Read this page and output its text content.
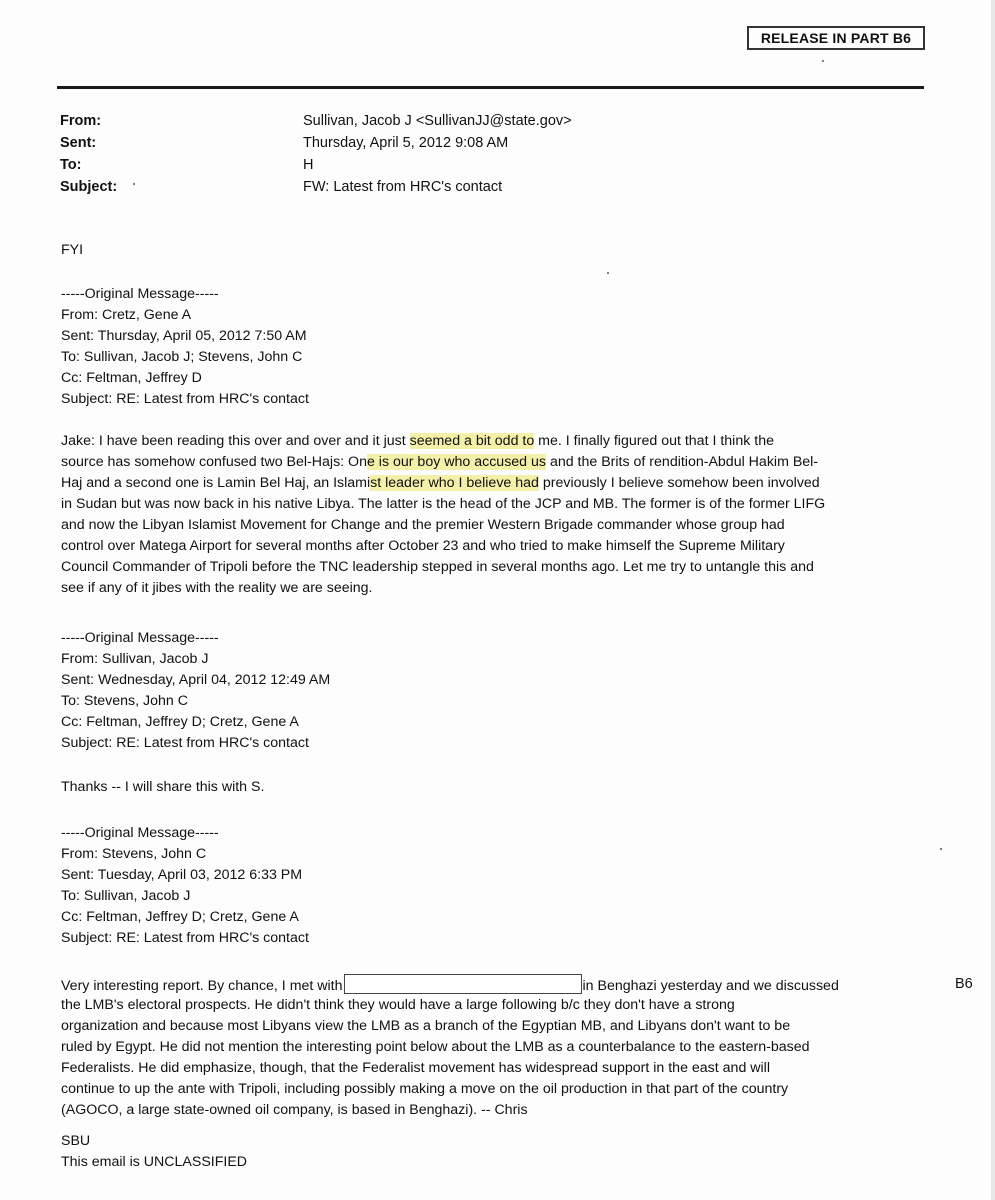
RELEASE IN PART B6
From:	Sullivan, Jacob J <SullivanJJ@state.gov>
Sent:	Thursday, April 5, 2012 9:08 AM
To:	H
Subject:	FW: Latest from HRC's contact
FYI
-----Original Message-----
From: Cretz, Gene A
Sent: Thursday, April 05, 2012 7:50 AM
To: Sullivan, Jacob J; Stevens, John C
Cc: Feltman, Jeffrey D
Subject: RE: Latest from HRC's contact
Jake: I have been reading this over and over and it just seemed a bit odd to me. I finally figured out that I think the
source has somehow confused two Bel-Hajs: One is our boy who accused us and the Brits of rendition-Abdul Hakim Bel-
Haj and a second one is Lamin Bel Haj, an Islamist leader who I believe had previously I believe somehow been involved
in Sudan but was now back in his native Libya. The latter is the head of the JCP and MB. The former is of the former LIFG
and now the Libyan Islamist Movement for Change and the premier Western Brigade commander whose group had
control over Matega Airport for several months after October 23 and who tried to make himself the Supreme Military
Council Commander of Tripoli before the TNC leadership stepped in several months ago. Let me try to untangle this and
see if any of it jibes with the reality we are seeing.
-----Original Message-----
From: Sullivan, Jacob J
Sent: Wednesday, April 04, 2012 12:49 AM
To: Stevens, John C
Cc: Feltman, Jeffrey D; Cretz, Gene A
Subject: RE: Latest from HRC's contact
Thanks -- I will share this with S.
-----Original Message-----
From: Stevens, John C
Sent: Tuesday, April 03, 2012 6:33 PM
To: Sullivan, Jacob J
Cc: Feltman, Jeffrey D; Cretz, Gene A
Subject: RE: Latest from HRC's contact
Very interesting report. By chance, I met with	in Benghazi yesterday and we discussed
the LMB's electoral prospects. He didn't think they would have a large following b/c they don't have a strong
organization and because most Libyans view the LMB as a branch of the Egyptian MB, and Libyans don't want to be
ruled by Egypt. He did not mention the interesting point below about the LMB as a counterbalance to the eastern-based
Federalists. He did emphasize, though, that the Federalist movement has widespread support in the east and will
continue to up the ante with Tripoli, including possibly making a move on the oil production in that part of the country
(AGOCO, a large state-owned oil company, is based in Benghazi). -- Chris
B6
SBU
This email is UNCLASSIFIED
